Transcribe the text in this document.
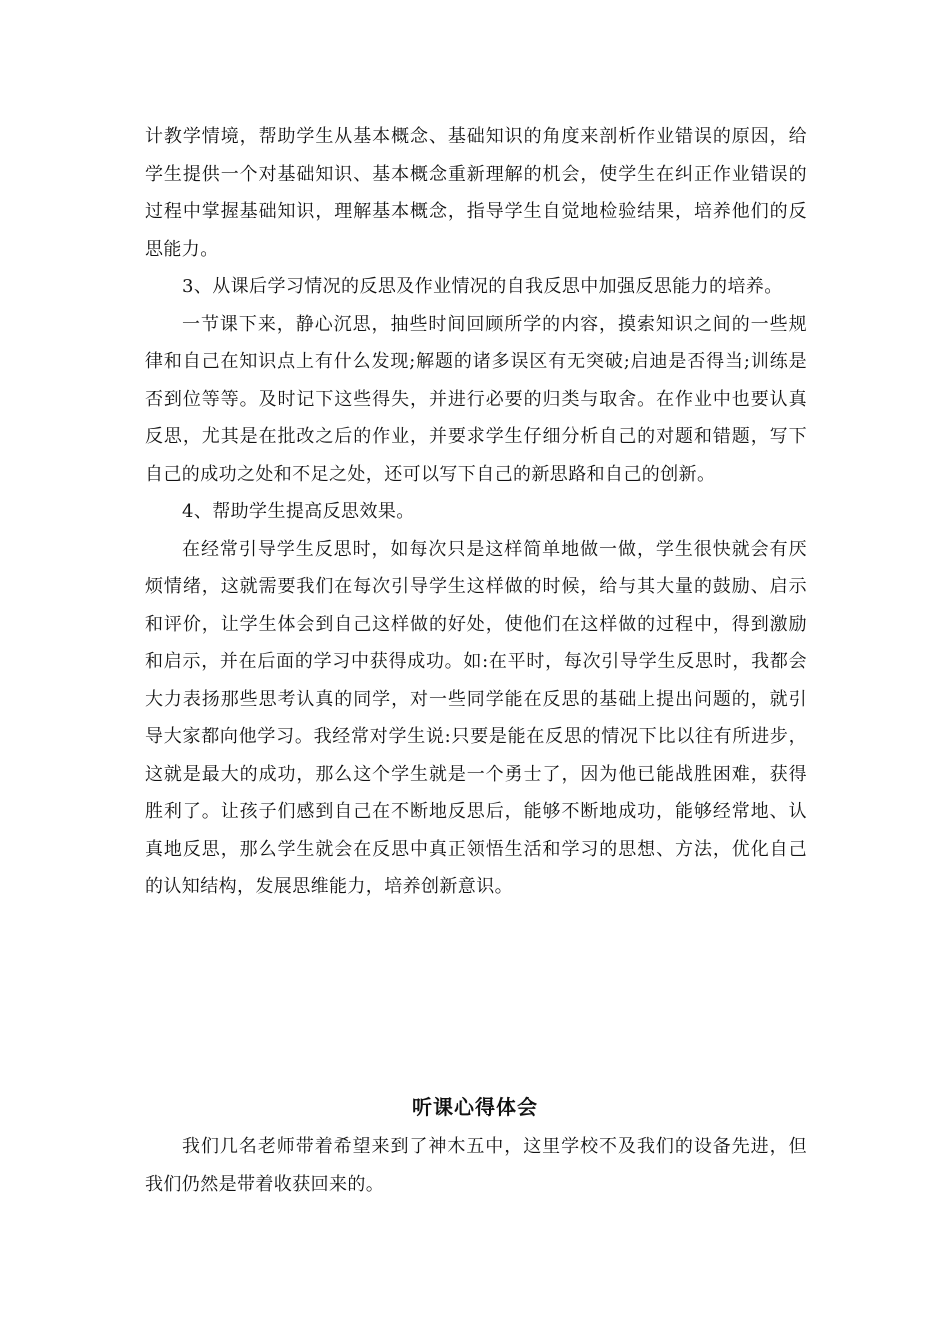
计教学情境，帮助学生从基本概念、基础知识的角度来剖析作业错误的原因，给学生提供一个对基础知识、基本概念重新理解的机会，使学生在纠正作业错误的过程中掌握基础知识，理解基本概念，指导学生自觉地检验结果，培养他们的反思能力。

3、从课后学习情况的反思及作业情况的自我反思中加强反思能力的培养。

一节课下来，静心沉思，抽些时间回顾所学的内容，摸索知识之间的一些规律和自己在知识点上有什么发现;解题的诸多误区有无突破;启迪是否得当;训练是否到位等等。及时记下这些得失，并进行必要的归类与取舍。在作业中也要认真反思，尤其是在批改之后的作业，并要求学生仔细分析自己的对题和错题，写下自己的成功之处和不足之处，还可以写下自己的新思路和自己的创新。

4、帮助学生提高反思效果。

在经常引导学生反思时，如每次只是这样简单地做一做，学生很快就会有厌烦情绪，这就需要我们在每次引导学生这样做的时候，给与其大量的鼓励、启示和评价，让学生体会到自己这样做的好处，使他们在这样做的过程中，得到激励和启示，并在后面的学习中获得成功。如:在平时，每次引导学生反思时，我都会大力表扬那些思考认真的同学，对一些同学能在反思的基础上提出问题的，就引导大家都向他学习。我经常对学生说:只要是能在反思的情况下比以往有所进步，这就是最大的成功，那么这个学生就是一个勇士了，因为他已能战胜困难，获得胜利了。让孩子们感到自己在不断地反思后，能够不断地成功，能够经常地、认真地反思，那么学生就会在反思中真正领悟生活和学习的思想、方法，优化自己的认知结构，发展思维能力，培养创新意识。

听课心得体会

我们几名老师带着希望来到了神木五中，这里学校不及我们的设备先进，但我们仍然是带着收获回来的。
